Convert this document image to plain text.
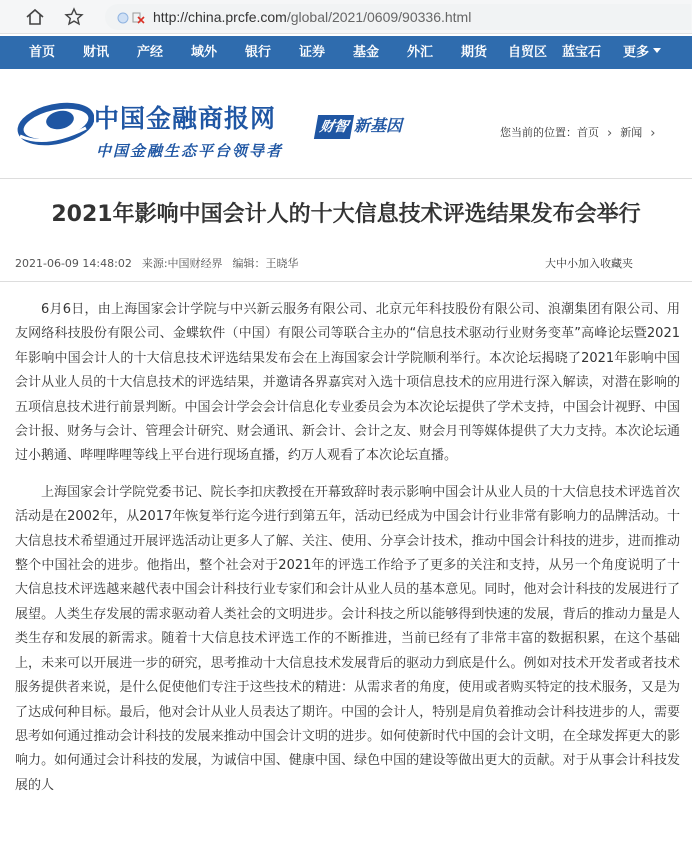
http://china.prcfe.com/global/2021/0609/90336.html
首页 财讯 产经 域外 银行 证券 基金 外汇 期货 自贸区 蓝宝石 更多
中国金融商报网
中国金融生态平台领导者
财智 新基因	您当前的位置：首页 › 新闻 ›
2021年影响中国会计人的十大信息技术评选结果发布会举行
2021-06-09 14:48:02 来源:中国财经界 编辑：王晓华	大中小加入收藏夹

6月6日，由上海国家会计学院与中兴新云服务有限公司、北京元年科技股份有限公司、浪潮集团有限公司、用友网络科技股份有限公司、金蝶软件（中国）有限公司等联合主办的“信息技术驱动行业财务变革”高峰论坛暨2021年影响中国会计人的十大信息技术评选结果发布会在上海国家会计学院顺利举行。本次论坛揭晓了2021年影响中国会计从业人员的十大信息技术的评选结果，并邀请各界嘉宾对入选十项信息技术的应用进行深入解读，对潜在影响的五项信息技术进行前景判断。中国会计学会会计信息化专业委员会为本次论坛提供了学术支持，中国会计视野、中国会计报、财务与会计、管理会计研究、财会通讯、新会计、会计之友、财会月刊等媒体提供了大力支持。本次论坛通过小鹅通、哔哩哔哩等线上平台进行现场直播，约万人观看了本次论坛直播。

上海国家会计学院党委书记、院长李扣庆教授在开幕致辞时表示影响中国会计从业人员的十大信息技术评选首次活动是在2002年，从2017年恢复举行迄今进行到第五年，活动已经成为中国会计行业非常有影响力的品牌活动。十大信息技术希望通过开展评选活动让更多人了解、关注、使用、分享会计技术，推动中国会计科技的进步，进而推动整个中国社会的进步。他指出，整个社会对于2021年的评选工作给予了更多的关注和支持，从另一个角度说明了十大信息技术评选越来越代表中国会计科技行业专家们和会计从业人员的基本意见。同时，他对会计科技的发展进行了展望。人类生存发展的需求驱动着人类社会的文明进步。会计科技之所以能够得到快速的发展，背后的推动力量是人类生存和发展的新需求。随着十大信息技术评选工作的不断推进，当前已经有了非常丰富的数据积累，在这个基础上，未来可以开展进一步的研究，思考推动十大信息技术发展背后的驱动力到底是什么。例如对技术开发者或者技术服务提供者来说，是什么促使他们专注于这些技术的精进：从需求者的角度，使用或者购买特定的技术服务，又是为了达成何种目标。最后，他对会计从业人员表达了期许。中国的会计人，特别是肩负着推动会计科技进步的人，需要思考如何通过推动会计科技的发展来推动中国会计文明的进步。如何使新时代中国的会计文明，在全球发挥更大的影响力。如何通过会计科技的发展，为诚信中国、健康中国、绿色中国的建设等做出更大的贡献。对于从事会计科技发展的人
